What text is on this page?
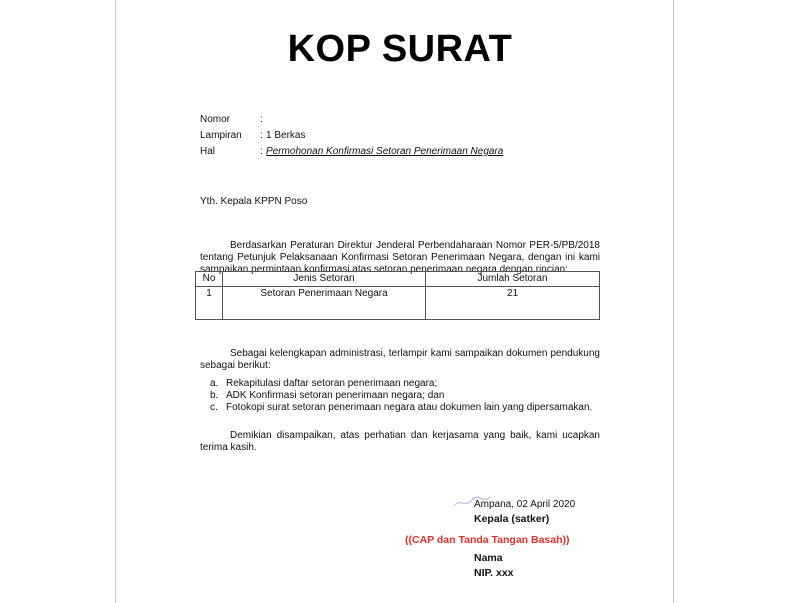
KOP SURAT
Nomor	:
Lampiran : 1 Berkas
Hal	: Permohonan Konfirmasi Setoran Penerimaan Negara
Yth. Kepala KPPN Poso
Berdasarkan Peraturan Direktur Jenderal Perbendaharaan Nomor PER-5/PB/2018 tentang Petunjuk Pelaksanaan Konfirmasi Setoran Penerimaan Negara, dengan ini kami sampaikan permintaan konfirmasi atas setoran penerimaan negara dengan rincian:
No	Jenis Setoran	Jumlah Setoran
1	Setoran Penerimaan Negara	21
Sebagai kelengkapan administrasi, terlampir kami sampaikan dokumen pendukung sebagai berikut:
a. Rekapitulasi daftar setoran penerimaan negara;
b. ADK Konfirmasi setoran penerimaan negara; dan
c. Fotokopi surat setoran penerimaan negara atau dokumen lain yang dipersamakan.
Demikian disampaikan, atas perhatian dan kerjasama yang baik, kami ucapkan terima kasih.
Ampana, 02 April 2020
Kepala (satker)
((CAP dan Tanda Tangan Basah))
Nama
NIP. xxx
